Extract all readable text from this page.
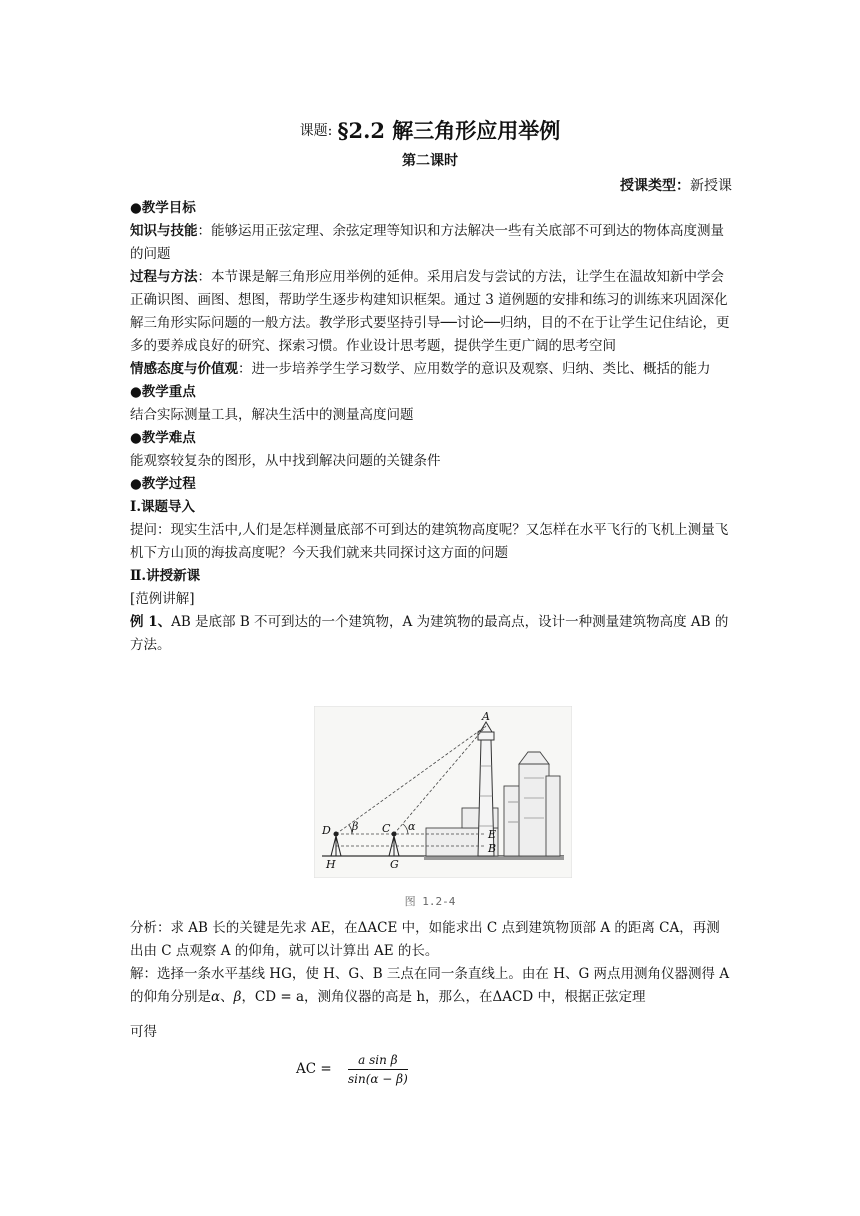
课题: §2.2 解三角形应用举例
第二课时
授课类型：新授课

●教学目标

知识与技能：能够运用正弦定理、余弦定理等知识和方法解决一些有关底部不可到达的物体高度测量的问题

过程与方法：本节课是解三角形应用举例的延伸。采用启发与尝试的方法，让学生在温故知新中学会正确识图、画图、想图，帮助学生逐步构建知识框架。通过 3 道例题的安排和练习的训练来巩固深化解三角形实际问题的一般方法。教学形式要坚持引导──讨论──归纳，目的不在于让学生记住结论，更多的要养成良好的研究、探索习惯。作业设计思考题，提供学生更广阔的思考空间

情感态度与价值观：进一步培养学生学习数学、应用数学的意识及观察、归纳、类比、概括的能力

●教学重点

结合实际测量工具，解决生活中的测量高度问题

●教学难点

能观察较复杂的图形，从中找到解决问题的关键条件

●教学过程

Ⅰ.课题导入

提问：现实生活中,人们是怎样测量底部不可到达的建筑物高度呢？又怎样在水平飞行的飞机上测量飞机下方山顶的海拔高度呢？今天我们就来共同探讨这方面的问题

Ⅱ.讲授新课

[范例讲解]

例 1、AB 是底部 B 不可到达的一个建筑物，A 为建筑物的最高点，设计一种测量建筑物高度 AB 的方法。

A
D β C α
E
B
H	G
图 1.2-4

分析：求 AB 长的关键是先求 AE，在ΔACE 中，如能求出 C 点到建筑物顶部 A 的距离 CA，再测出由 C 点观察 A 的仰角，就可以计算出 AE 的长。

解：选择一条水平基线 HG，使 H、G、B 三点在同一条直线上。由在 H、G 两点用测角仪器测得 A 的仰角分别是α、β，CD = a，测角仪器的高是 h，那么，在ΔACD 中，根据正弦定理

可得

AC = $\frac{\text{a sin β}}{\sin(\alpha - \beta)}$
